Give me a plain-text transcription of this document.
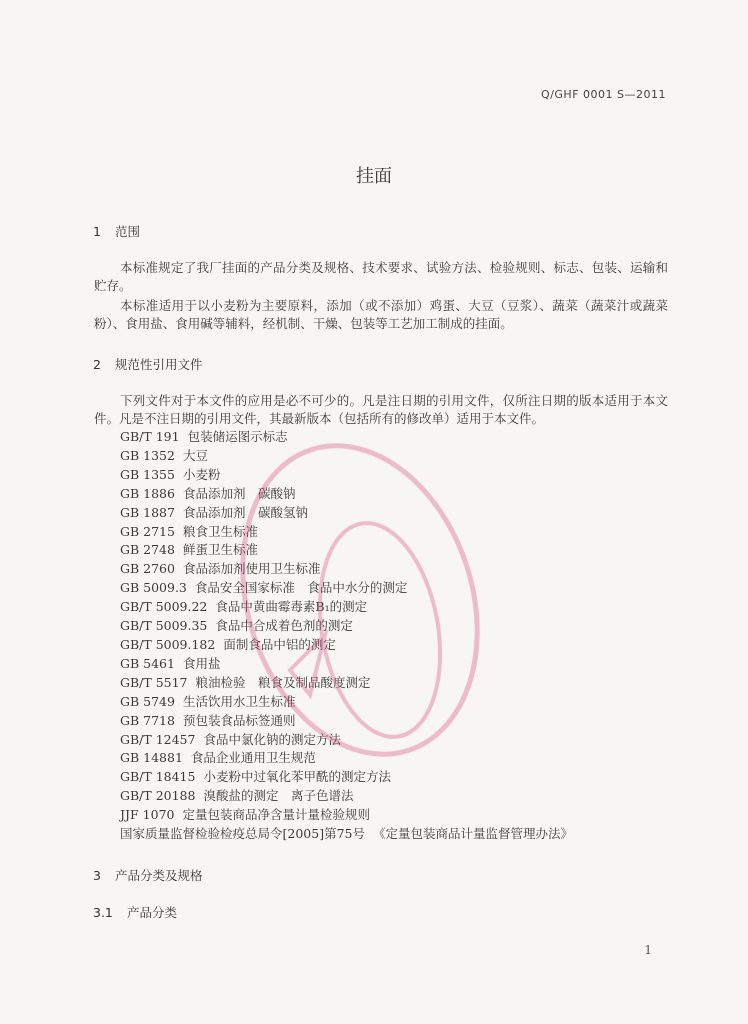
Q/GHF 0001 S—2011
挂面
1 范围
本标准规定了我厂挂面的产品分类及规格、技术要求、试验方法、检验规则、标志、包装、运输和贮存。
本标准适用于以小麦粉为主要原料，添加（或不添加）鸡蛋、大豆（豆浆）、蔬菜（蔬菜汁或蔬菜粉）、食用盐、食用碱等辅料，经机制、干燥、包装等工艺加工制成的挂面。
2 规范性引用文件
下列文件对于本文件的应用是必不可少的。凡是注日期的引用文件，仅所注日期的版本适用于本文件。凡是不注日期的引用文件，其最新版本（包括所有的修改单）适用于本文件。
GB/T 191 包装储运图示标志
GB 1352 大豆
GB 1355 小麦粉
GB 1886 食品添加剂　碳酸钠
GB 1887 食品添加剂　碳酸氢钠
GB 2715 粮食卫生标准
GB 2748 鲜蛋卫生标准
GB 2760 食品添加剂使用卫生标准
GB 5009.3 食品安全国家标准　食品中水分的测定
GB/T 5009.22 食品中黄曲霉毒素B₁的测定
GB/T 5009.35 食品中合成着色剂的测定
GB/T 5009.182 面制食品中铝的测定
GB 5461 食用盐
GB/T 5517 粮油检验　粮食及制品酸度测定
GB 5749 生活饮用水卫生标准
GB 7718 预包装食品标签通则
GB/T 12457 食品中氯化钠的测定方法
GB 14881 食品企业通用卫生规范
GB/T 18415 小麦粉中过氧化苯甲酰的测定方法
GB/T 20188 溴酸盐的测定　离子色谱法
JJF 1070 定量包装商品净含量计量检验规则
国家质量监督检验检疫总局令[2005]第75号 《定量包装商品计量监督管理办法》
3 产品分类及规格
3.1 产品分类
1
